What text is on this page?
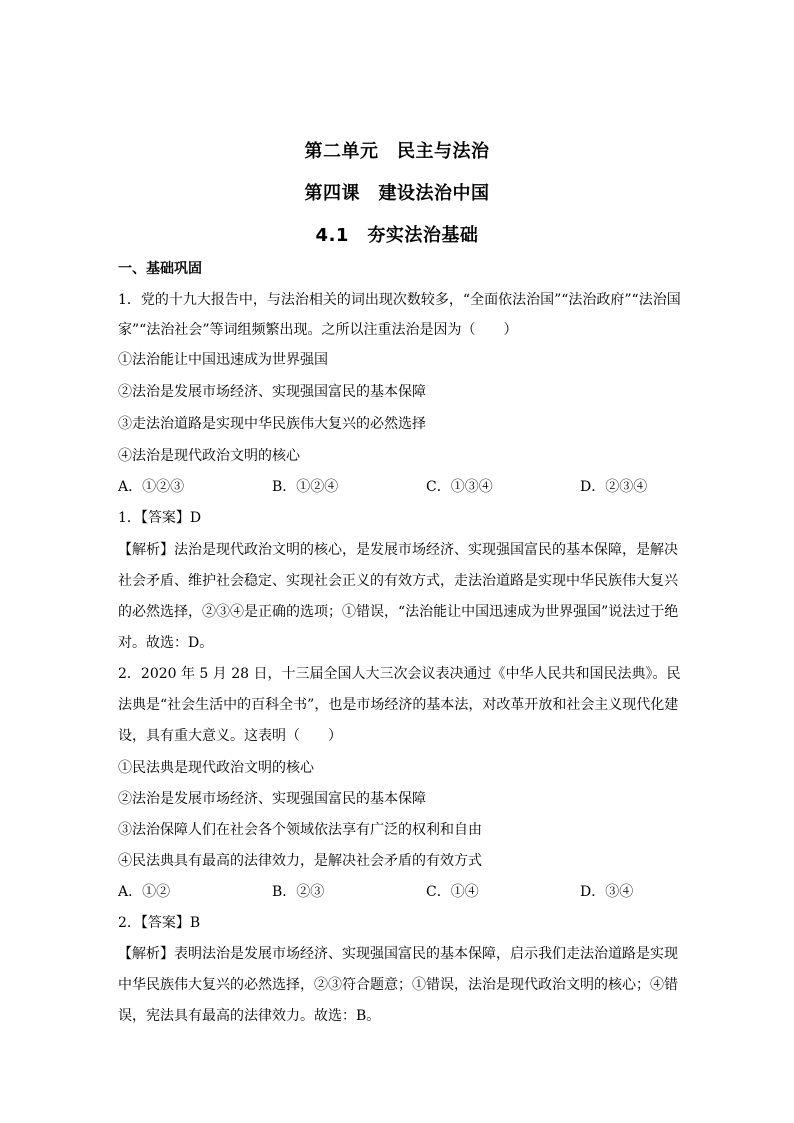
第二单元　民主与法治
第四课　建设法治中国
4.1　夯实法治基础
一、基础巩固
1．党的十九大报告中，与法治相关的词出现次数较多，“全面依法治国”“法治政府”“法治国
家”“法治社会”等词组频繁出现。之所以注重法治是因为（　　）
①法治能让中国迅速成为世界强国
②法治是发展市场经济、实现强国富民的基本保障
③走法治道路是实现中华民族伟大复兴的必然选择
④法治是现代政治文明的核心
A．①②③	B．①②④	C．①③④	D．②③④
1．【答案】D
【解析】法治是现代政治文明的核心，是发展市场经济、实现强国富民的基本保障，是解决
社会矛盾、维护社会稳定、实现社会正义的有效方式，走法治道路是实现中华民族伟大复兴
的必然选择，②③④是正确的选项；①错误，“法治能让中国迅速成为世界强国”说法过于绝
对。故选：D。
2．2020 年 5 月 28 日，十三届全国人大三次会议表决通过《中华人民共和国民法典》。民
法典是“社会生活中的百科全书”，也是市场经济的基本法，对改革开放和社会主义现代化建
设，具有重大意义。这表明（　　）
①民法典是现代政治文明的核心
②法治是发展市场经济、实现强国富民的基本保障
③法治保障人们在社会各个领域依法享有广泛的权利和自由
④民法典具有最高的法律效力，是解决社会矛盾的有效方式
A．①②	B．②③	C．①④	D．③④
2．【答案】B
【解析】表明法治是发展市场经济、实现强国富民的基本保障，启示我们走法治道路是实现
中华民族伟大复兴的必然选择，②③符合题意；①错误，法治是现代政治文明的核心；④错
误，宪法具有最高的法律效力。故选：B。
